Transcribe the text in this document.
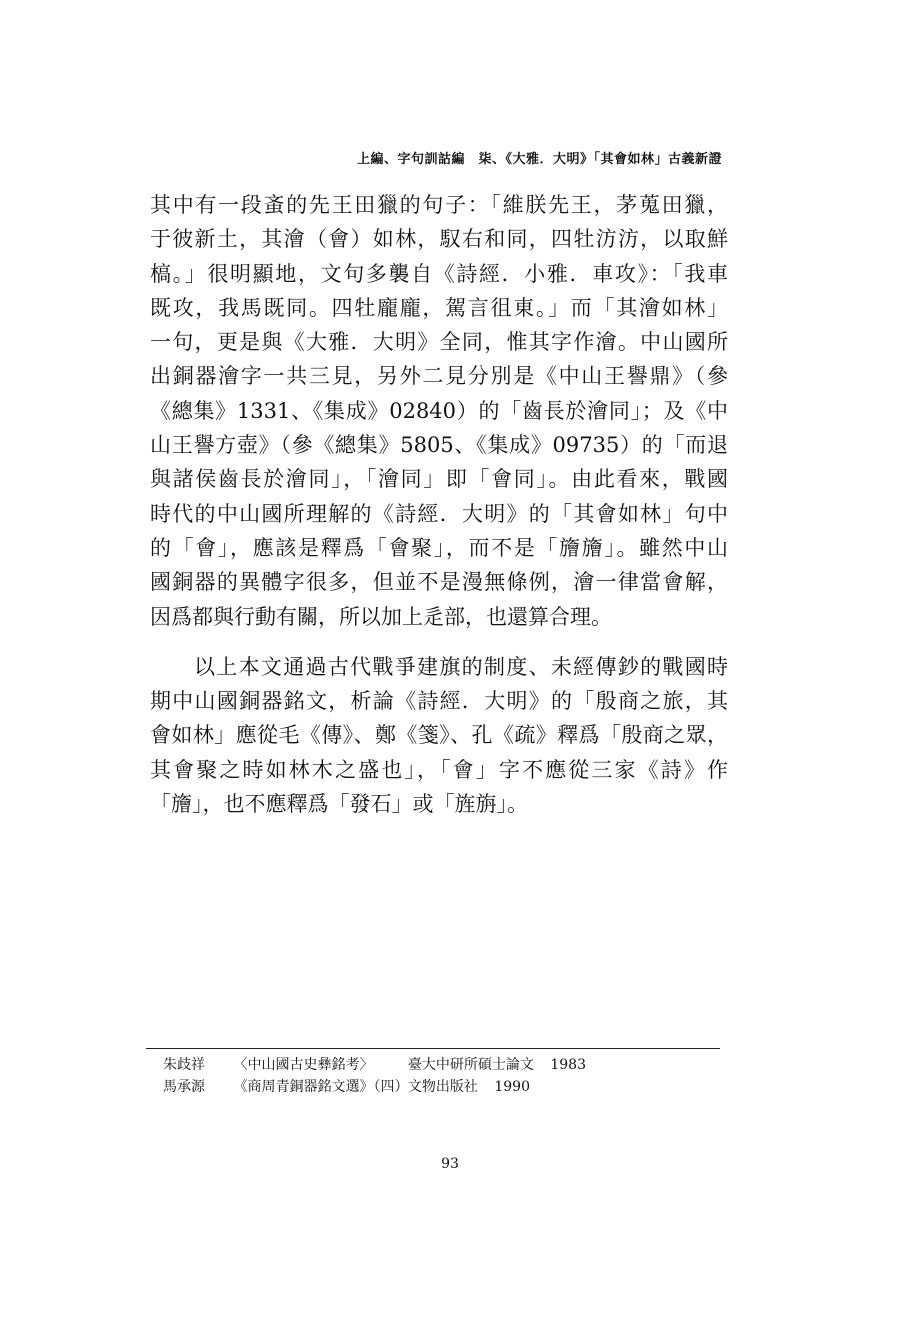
上編、字句訓詁編　柒、《大雅．大明》「其會如林」古義新證
其中有一段蚉的先王田獵的句子：「維朕先王，茅蒐田獵，
于彼新土，其澮（會）如林，馭右和同，四牡汸汸，以取鮮
槁。」很明顯地，文句多襲自《詩經．小雅．車攻》：「我車
既攻，我馬既同。四牡龐龐，駕言徂東。」而「其澮如林」
一句，更是與《大雅．大明》全同，惟其字作澮。中山國所
出銅器澮字一共三見，另外二見分別是《中山王譽鼎》（參
《總集》1331、《集成》02840）的「齒長於澮同」；及《中
山王譽方壺》（參《總集》5805、《集成》09735）的「而退
與諸侯齒長於澮同」，「澮同」即「會同」。由此看來，戰國
時代的中山國所理解的《詩經．大明》的「其會如林」句中
的「會」，應該是釋爲「會聚」，而不是「旝旝」。雖然中山
國銅器的異體字很多，但並不是漫無條例，澮一律當會解，
因爲都與行動有關，所以加上辵部，也還算合理。
以上本文通過古代戰爭建旗的制度、未經傳鈔的戰國時
期中山國銅器銘文，析論《詩經．大明》的「殷商之旅，其
會如林」應從毛《傳》、鄭《箋》、孔《疏》釋爲「殷商之眾，
其會聚之時如林木之盛也」，「會」字不應從三家《詩》作
「旝」，也不應釋爲「發石」或「旌旃」。
朱歧祥 〈中山國古史彝銘考〉 臺大中研所碩士論文 1983
馬承源 《商周青銅器銘文選》（四） 文物出版社 1990
93
